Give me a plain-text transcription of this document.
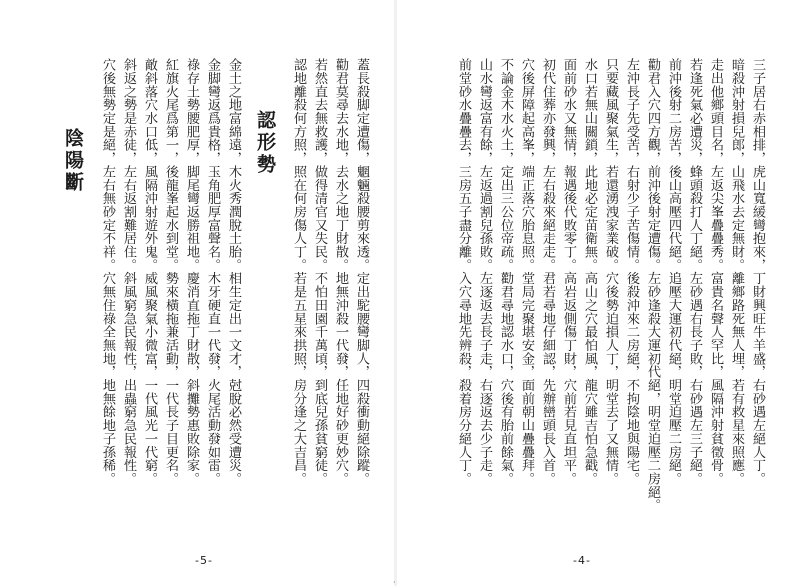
三子居右赤相排，虎山寬緩彎抱來，丁財興旺牛羊盛，右砂遇左絕人丁。
暗殺沖射損兒郎，山飛水去定無財。離鄉路死無人埋，若有救星來照應。
走出他鄉頭目名，左返尖峯疊疊秀。富貴名聲人罕比，風隔沖射貧徵骨。
若逢死氣必遭災，蜂頭殺打人丁絕。左砂遇右長子敗，右砂遇左三子絕。
前沖後射二房苦，後山高壓四代絕。追壓大運初代絕，明堂迫壓二房絕。
勸君入穴四方觀，前沖後射定遭傷。左砂逢殺大運初代絕，明堂迫壓二房絕。
左沖長子先受苦，右射少子苦傷情。後殺沖來二房絕，不拘陰地與陽宅。
只要藏風聚氣生，若還湧洩家業破。穴後勢迫損人丁，明堂去了又無情。
水口若無山關鎖，此地必定苗衛無。高山之穴最怕風，龍穴雖吉怕急戳。
面前砂水又無情，報遇後代敗零丁。高岩返側傷丁財，穴前若見直坦平。
初代住葬亦發興，左右殺來絕走走。君若尋地仔細認，先辦巒頭長入首。
穴後屏障起高峯，端正落穴胎息照。堂局完聚堪安金，面前朝山疊疊拜。
不論金木水火土，定出三公位帝疏。勸君尋地認水口，穴後有胎前餘氣。
山水彎返富有餘，左返過割兒孫敗。左逐返去長子走，右逐返去少子走。
前堂砂水疊疊去，三房五子盡分離。入穴尋地先辨殺，殺着房分絕人丁。
-4-
蓋長殺脚定遭傷，魍魎殺腰剪來透。定出駝腰彎脚人，四殺衝動絕除蹤。
勸君莫尋去水地，去水之地丁財散。地無沖殺一代發，任地好砂更妙穴。
若然直去無救護，做得清官又失民。不怕田園千萬頃，到底兒孫貧窮徒。
認地離殺何方照，照在何房傷人丁。若是五星來拱照，房分逢之大吉昌。
認形勢
金土之地富綿遠，木火秀潤脫土胎。相生定出一文才，尅脫必然受遭災。
金脚彎返爲貴格，玉角肥厚富聲名。木牙硬直一代發，火尾活動發如雷。
祿存土勢腰肥厚，脚尾彎返勝祖地。慶消直拖丁財散，斜攤勢惠敗除家。
紅旗火尾爲第一，後龍峯起水到堂。勢來橫拖兼活動，一代長子目更名。
敵斜落穴水口低，風隔沖射遊外鬼。威風聚氣小微富，一代風光一代窮。
斜返之勢是赤徒，左右返割難居住。斜風窮急民報性，出蟲窮急民報性。
穴後無勢定是絕，左右無砂定不祥。穴無住祿全無地，地無餘地子孫稀。
陰陽斷
-5-
·
